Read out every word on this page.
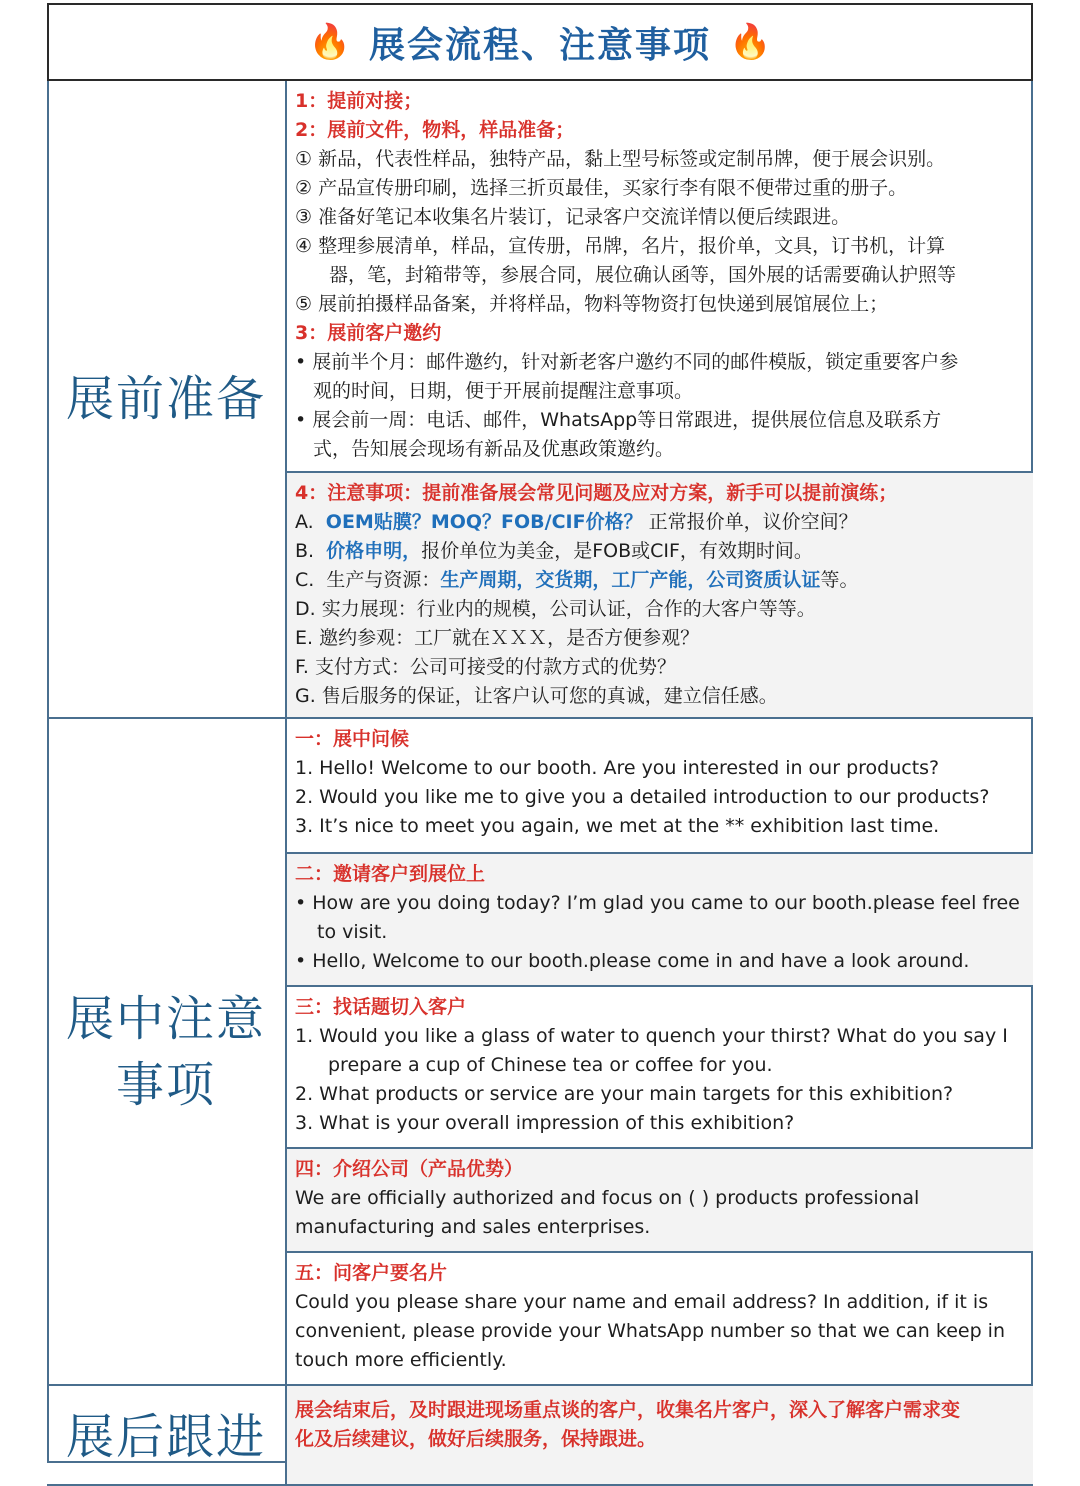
🔥 展会流程、注意事项 🔥
展前准备
1：提前对接；
2：展前文件，物料，样品准备；
① 新品，代表性样品，独特产品，黏上型号标签或定制吊牌，便于展会识别。
② 产品宣传册印刷，选择三折页最佳，买家行李有限不便带过重的册子。
③ 准备好笔记本收集名片装订，记录客户交流详情以便后续跟进。
④ 整理参展清单，样品，宣传册，吊牌，名片，报价单，文具，订书机，计算
器，笔，封箱带等，参展合同，展位确认函等，国外展的话需要确认护照等
⑤ 展前拍摄样品备案，并将样品，物料等物资打包快递到展馆展位上；
3：展前客户邀约
• 展前半个月：邮件邀约，针对新老客户邀约不同的邮件模版，锁定重要客户参
观的时间，日期，便于开展前提醒注意事项。
• 展会前一周：电话、邮件，WhatsApp等日常跟进，提供展位信息及联系方
式，告知展会现场有新品及优惠政策邀约。
4：注意事项：提前准备展会常见问题及应对方案，新手可以提前演练；
A. OEM贴膜？MOQ？FOB/CIF价格？ 正常报价单，议价空间？
B. 价格申明，报价单位为美金，是FOB或CIF，有效期时间。
C. 生产与资源：生产周期，交货期，工厂产能，公司资质认证等。
D. 实力展现：行业内的规模，公司认证，合作的大客户等等。
E. 邀约参观：工厂就在ＸＸＸ，是否方便参观？
F. 支付方式：公司可接受的付款方式的优势？
G. 售后服务的保证，让客户认可您的真诚，建立信任感。
展中注意
事项
一：展中问候
1. Hello! Welcome to our booth. Are you interested in our products?
2. Would you like me to give you a detailed introduction to our products?
3. It’s nice to meet you again, we met at the ** exhibition last time.
二：邀请客户到展位上
• How are you doing today? I’m glad you came to our booth.please feel free to visit.
• Hello, Welcome to our booth.please come in and have a look around.
三：找话题切入客户
1. Would you like a glass of water to quench your thirst? What do you say I prepare a cup of Chinese tea or coffee for you.
2. What products or service are your main targets for this exhibition?
3. What is your overall impression of this exhibition?
四：介绍公司（产品优势）
We are officially authorized and focus on ( ) products professional
manufacturing and sales enterprises.
五：问客户要名片
Could you please share your name and email address? In addition, if it is
convenient, please provide your WhatsApp number so that we can keep in
touch more efficiently.
展后跟进 展会结束后，及时跟进现场重点谈的客户，收集名片客户，深入了解客户需求变
化及后续建议，做好后续服务，保持跟进。
